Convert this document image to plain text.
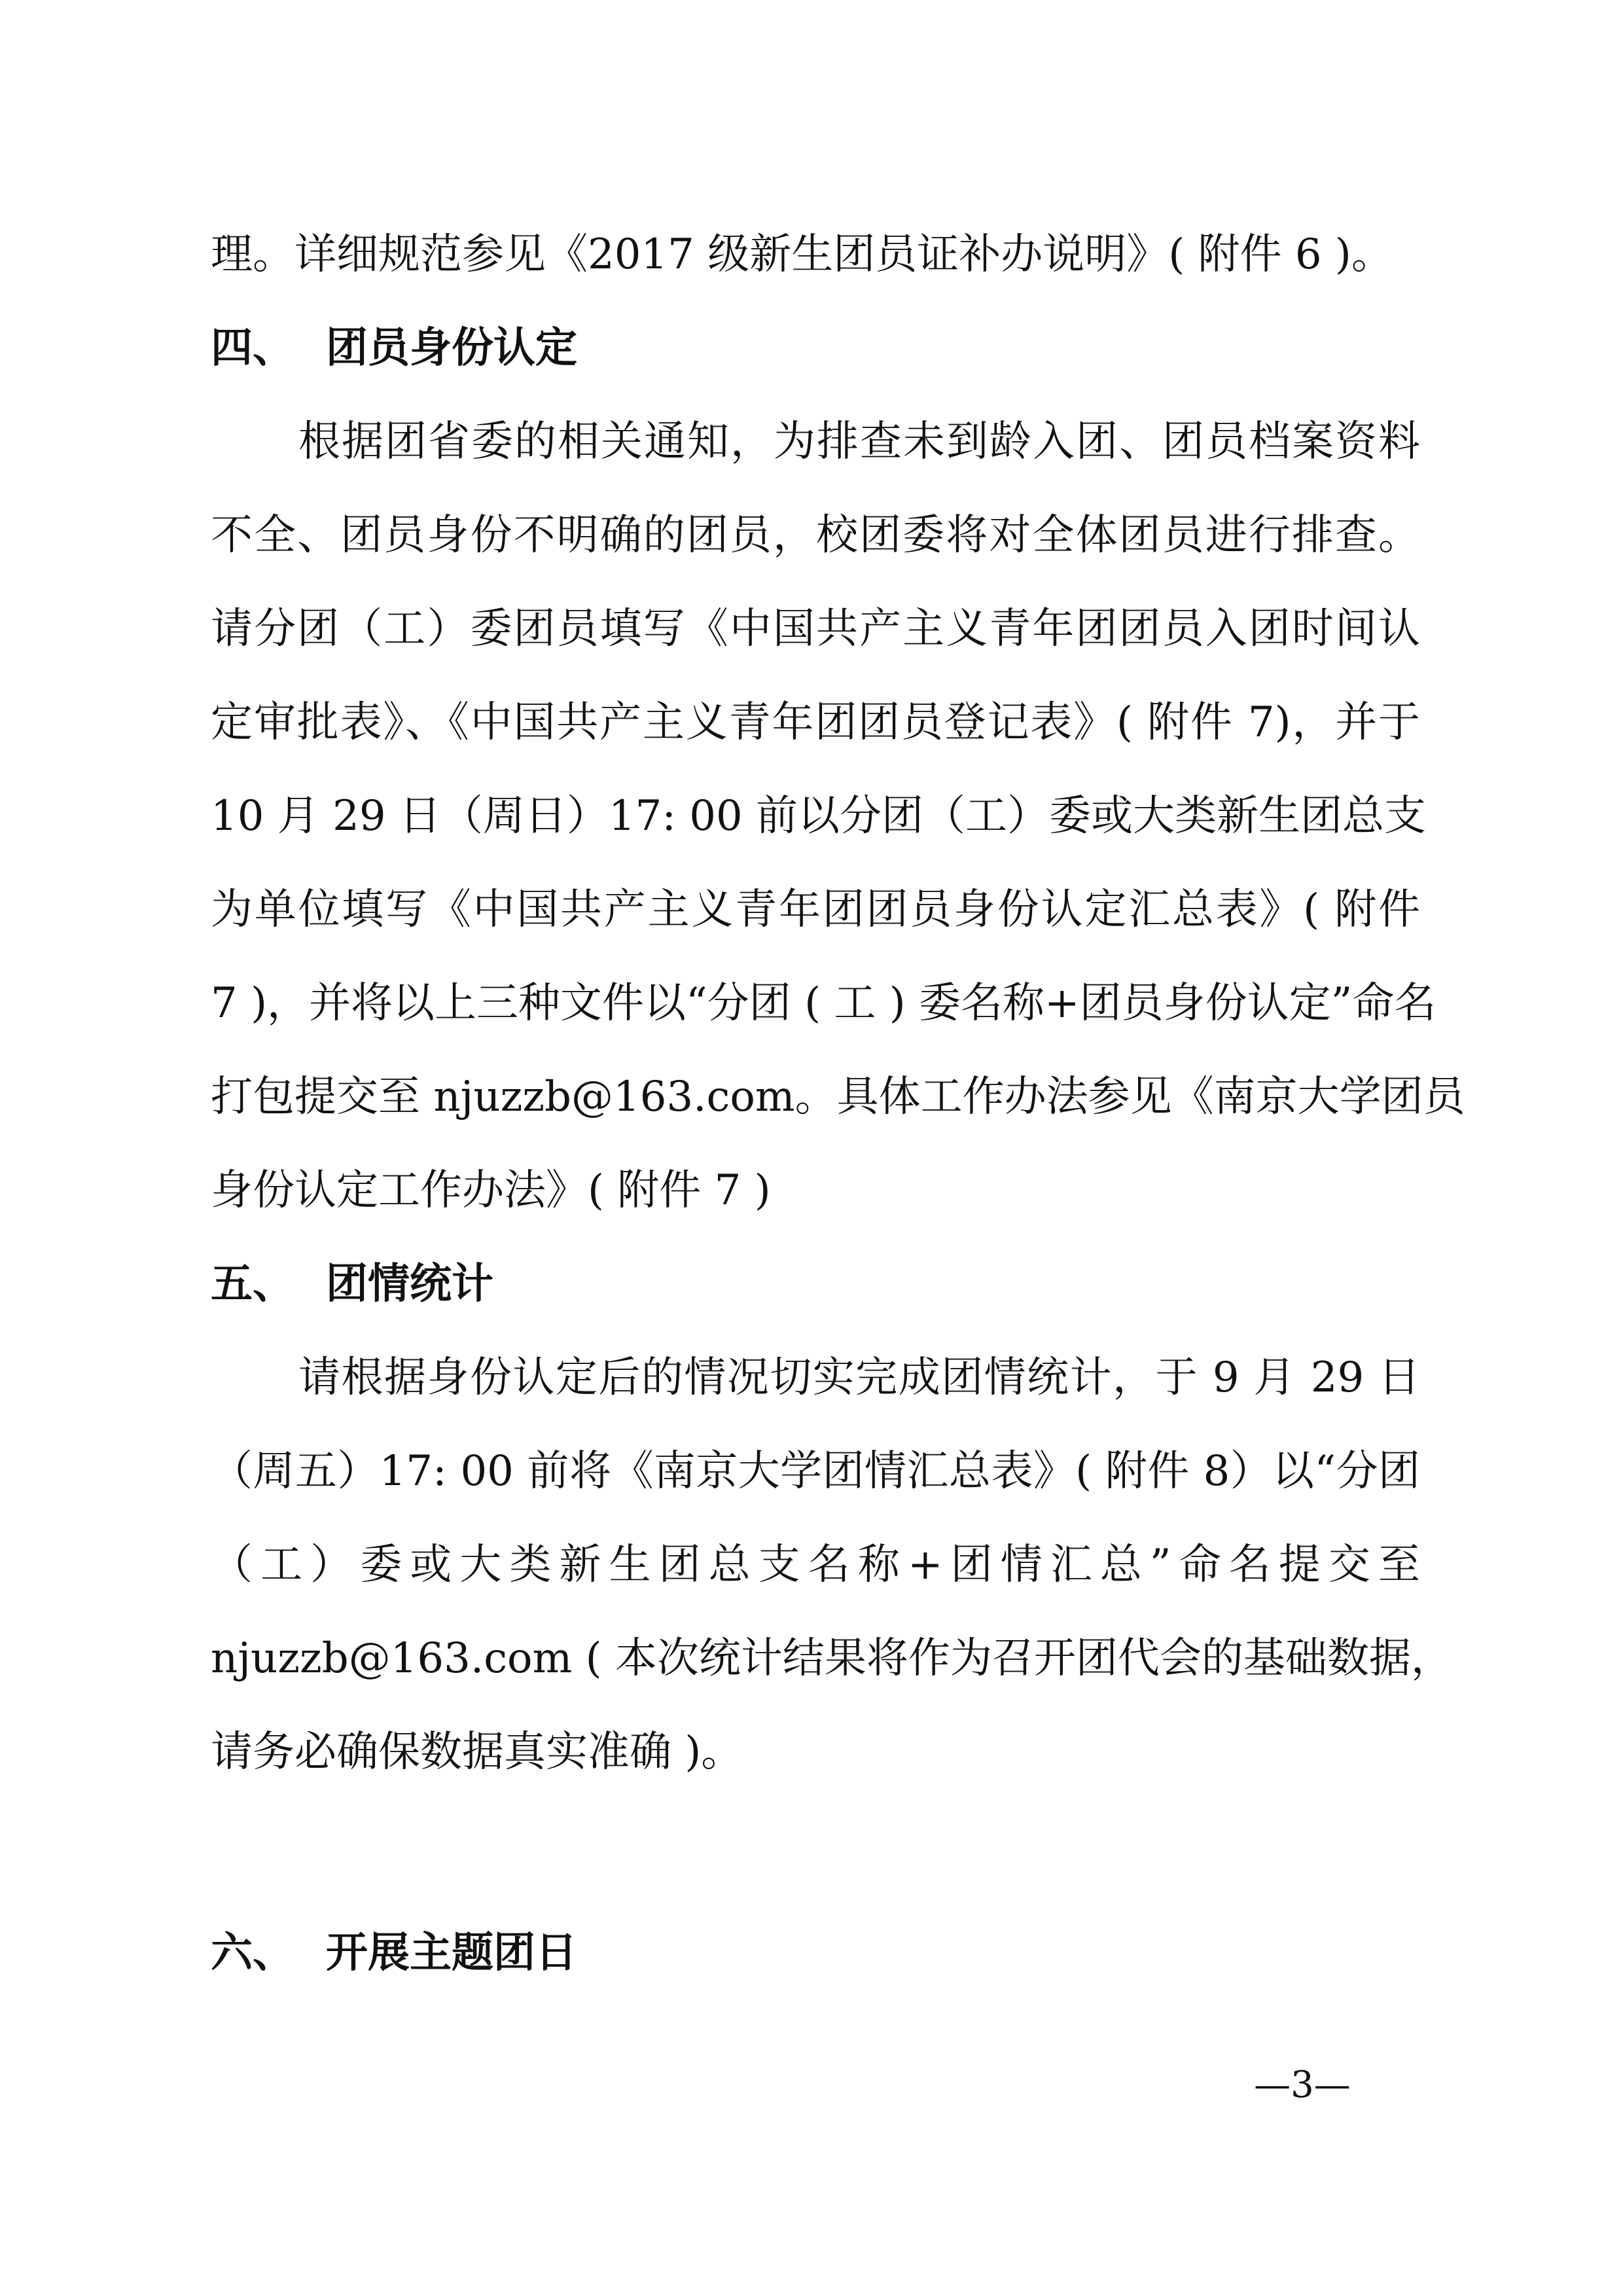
理。详细规范参见《2017 级新生团员证补办说明》( 附件 6 )。

四、 团员身份认定

根据团省委的相关通知，为排查未到龄入团、团员档案资料

不全、团员身份不明确的团员，校团委将对全体团员进行排查。

请分团（工）委团员填写《中国共产主义青年团团员入团时间认

定审批表》、《中国共产主义青年团团员登记表》( 附件 7)，并于

10 月 29 日（周日）17: 00 前以分团（工）委或大类新生团总支

为单位填写《中国共产主义青年团团员身份认定汇总表》( 附件

7 )，并将以上三种文件以“分团 ( 工 ) 委名称+团员身份认定”命名

打包提交至 njuzzb@163.com。具体工作办法参见《南京大学团员

身份认定工作办法》( 附件 7 )

五、 团情统计

请根据身份认定后的情况切实完成团情统计，于 9 月 29 日

（周五）17: 00 前将《南京大学团情汇总表》( 附件 8）以“分团

（工）委或大类新生团总支名称+团情汇总”命名提交至

njuzzb@163.com ( 本次统计结果将作为召开团代会的基础数据，

请务必确保数据真实准确 )。

六、 开展主题团日
—3—
